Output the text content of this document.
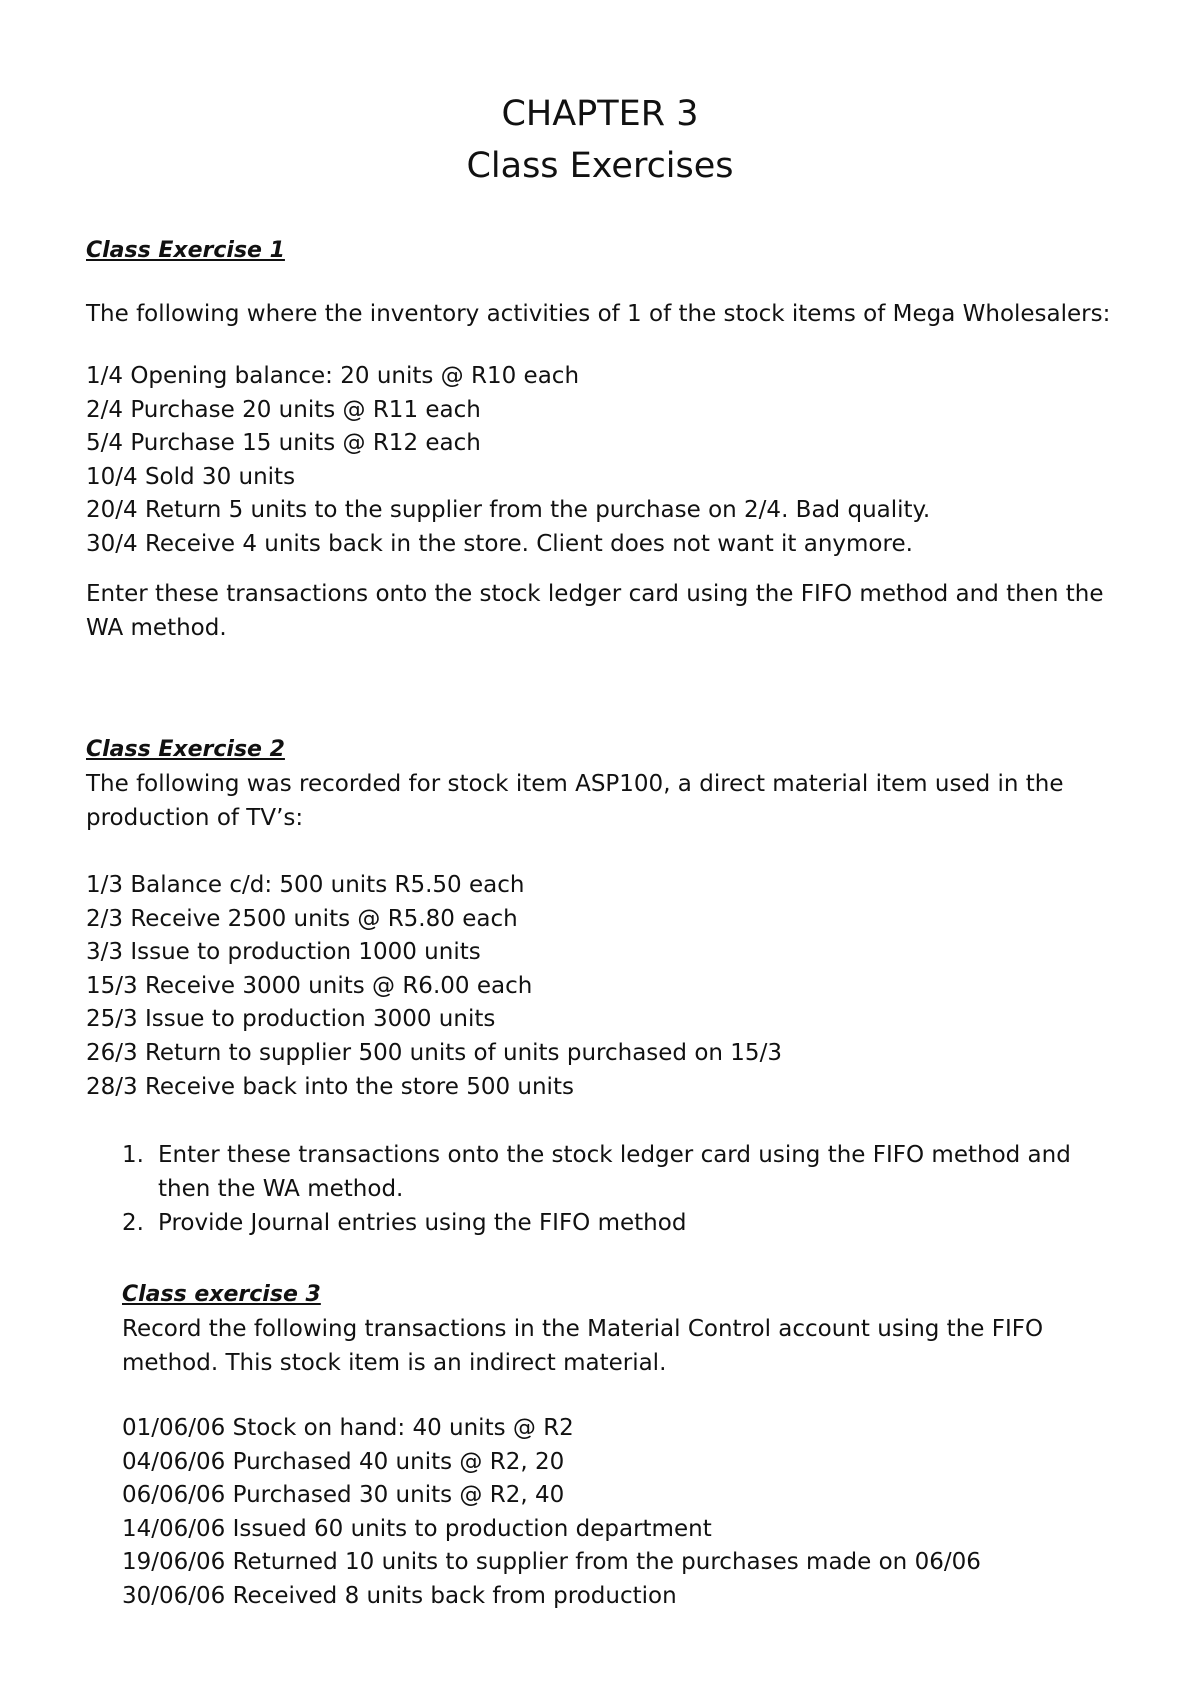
CHAPTER 3
Class Exercises
Class Exercise 1
The following where the inventory activities of 1 of the stock items of Mega Wholesalers:
1/4 Opening balance: 20 units @ R10 each
2/4 Purchase 20 units @ R11 each
5/4 Purchase 15 units @ R12 each
10/4 Sold 30 units
20/4 Return 5 units to the supplier from the purchase on 2/4. Bad quality.
30/4 Receive 4 units back in the store. Client does not want it anymore.
Enter these transactions onto the stock ledger card using the FIFO method and then the WA method.
Class Exercise 2
The following was recorded for stock item ASP100, a direct material item used in the production of TV’s:
1/3 Balance c/d: 500 units R5.50 each
2/3 Receive 2500 units @ R5.80 each
3/3 Issue to production 1000 units
15/3 Receive 3000 units @ R6.00 each
25/3 Issue to production 3000 units
26/3 Return to supplier 500 units of units purchased on 15/3
28/3 Receive back into the store 500 units
1. Enter these transactions onto the stock ledger card using the FIFO method and then the WA method.
2. Provide Journal entries using the FIFO method
Class exercise 3
Record the following transactions in the Material Control account using the FIFO method. This stock item is an indirect material.
01/06/06 Stock on hand: 40 units @ R2
04/06/06 Purchased 40 units @ R2, 20
06/06/06 Purchased 30 units @ R2, 40
14/06/06 Issued 60 units to production department
19/06/06 Returned 10 units to supplier from the purchases made on 06/06
30/06/06 Received 8 units back from production
